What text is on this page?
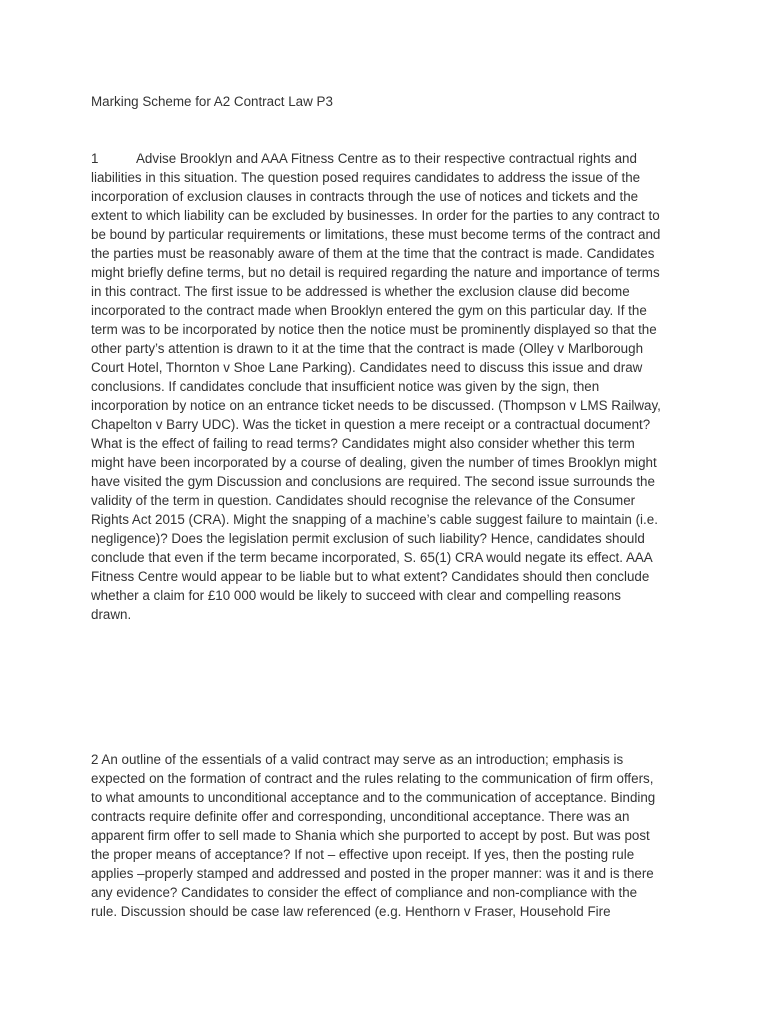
Marking Scheme for A2 Contract Law P3
1	Advise Brooklyn and AAA Fitness Centre as to their respective contractual rights and
liabilities in this situation. The question posed requires candidates to address the issue of the
incorporation of exclusion clauses in contracts through the use of notices and tickets and the
extent to which liability can be excluded by businesses. In order for the parties to any contract to
be bound by particular requirements or limitations, these must become terms of the contract and
the parties must be reasonably aware of them at the time that the contract is made. Candidates
might briefly define terms, but no detail is required regarding the nature and importance of terms
in this contract. The first issue to be addressed is whether the exclusion clause did become
incorporated to the contract made when Brooklyn entered the gym on this particular day. If the
term was to be incorporated by notice then the notice must be prominently displayed so that the
other party’s attention is drawn to it at the time that the contract is made (Olley v Marlborough
Court Hotel, Thornton v Shoe Lane Parking). Candidates need to discuss this issue and draw
conclusions. If candidates conclude that insufficient notice was given by the sign, then
incorporation by notice on an entrance ticket needs to be discussed. (Thompson v LMS Railway,
Chapelton v Barry UDC). Was the ticket in question a mere receipt or a contractual document?
What is the effect of failing to read terms? Candidates might also consider whether this term
might have been incorporated by a course of dealing, given the number of times Brooklyn might
have visited the gym Discussion and conclusions are required. The second issue surrounds the
validity of the term in question. Candidates should recognise the relevance of the Consumer
Rights Act 2015 (CRA). Might the snapping of a machine’s cable suggest failure to maintain (i.e.
negligence)? Does the legislation permit exclusion of such liability? Hence, candidates should
conclude that even if the term became incorporated, S. 65(1) CRA would negate its effect. AAA
Fitness Centre would appear to be liable but to what extent? Candidates should then conclude
whether a claim for £10 000 would be likely to succeed with clear and compelling reasons
drawn.
2 An outline of the essentials of a valid contract may serve as an introduction; emphasis is
expected on the formation of contract and the rules relating to the communication of firm offers,
to what amounts to unconditional acceptance and to the communication of acceptance. Binding
contracts require definite offer and corresponding, unconditional acceptance. There was an
apparent firm offer to sell made to Shania which she purported to accept by post. But was post
the proper means of acceptance? If not – effective upon receipt. If yes, then the posting rule
applies –properly stamped and addressed and posted in the proper manner: was it and is there
any evidence? Candidates to consider the effect of compliance and non-compliance with the
rule. Discussion should be case law referenced (e.g. Henthorn v Fraser, Household Fire
